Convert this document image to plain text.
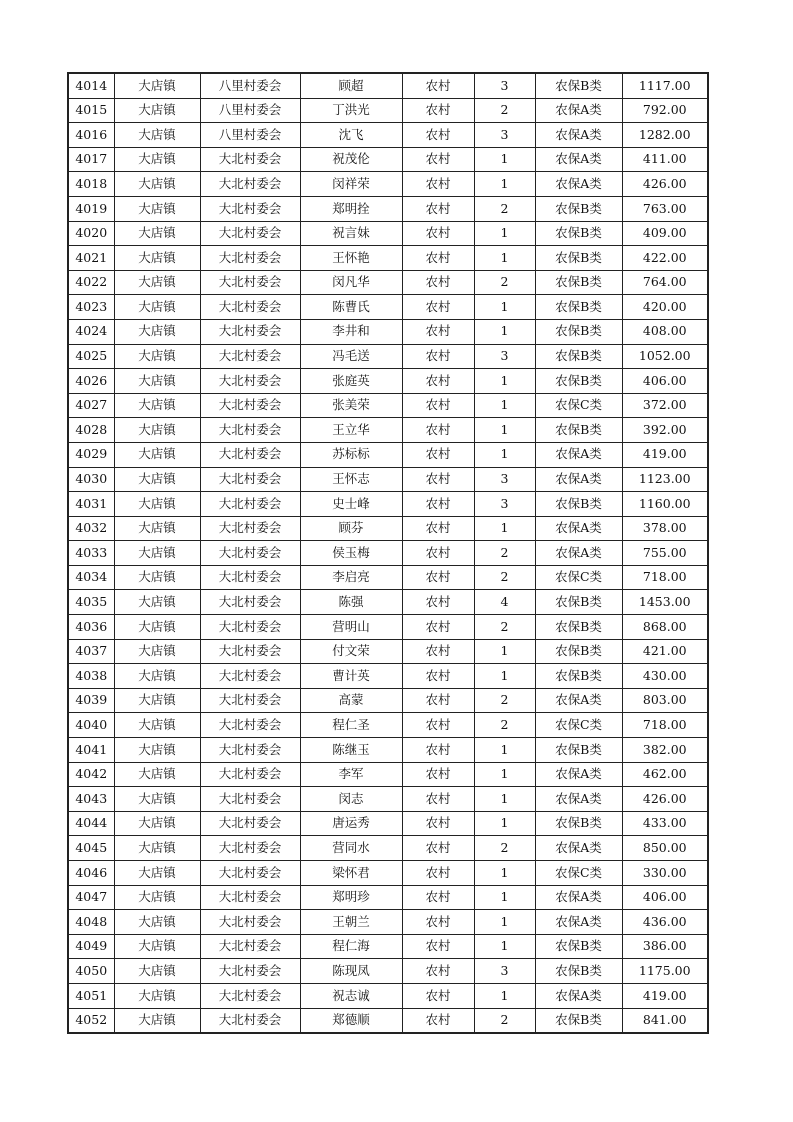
4014	大店镇	八里村委会	顾超	农村	3	农保B类	1117.00
4015	大店镇	八里村委会	丁洪光	农村	2	农保A类	792.00
4016	大店镇	八里村委会	沈飞	农村	3	农保A类	1282.00
4017	大店镇	大北村委会	祝茂伦	农村	1	农保A类	411.00
4018	大店镇	大北村委会	闵祥荣	农村	1	农保A类	426.00
4019	大店镇	大北村委会	郑明拴	农村	2	农保B类	763.00
4020	大店镇	大北村委会	祝言妹	农村	1	农保B类	409.00
4021	大店镇	大北村委会	王怀艳	农村	1	农保B类	422.00
4022	大店镇	大北村委会	闵凡华	农村	2	农保B类	764.00
4023	大店镇	大北村委会	陈曹氏	农村	1	农保B类	420.00
4024	大店镇	大北村委会	李井和	农村	1	农保B类	408.00
4025	大店镇	大北村委会	冯毛送	农村	3	农保B类	1052.00
4026	大店镇	大北村委会	张庭英	农村	1	农保B类	406.00
4027	大店镇	大北村委会	张美荣	农村	1	农保C类	372.00
4028	大店镇	大北村委会	王立华	农村	1	农保B类	392.00
4029	大店镇	大北村委会	苏标标	农村	1	农保A类	419.00
4030	大店镇	大北村委会	王怀志	农村	3	农保A类	1123.00
4031	大店镇	大北村委会	史士峰	农村	3	农保B类	1160.00
4032	大店镇	大北村委会	顾芬	农村	1	农保A类	378.00
4033	大店镇	大北村委会	侯玉梅	农村	2	农保A类	755.00
4034	大店镇	大北村委会	李启亮	农村	2	农保C类	718.00
4035	大店镇	大北村委会	陈强	农村	4	农保B类	1453.00
4036	大店镇	大北村委会	营明山	农村	2	农保B类	868.00
4037	大店镇	大北村委会	付文荣	农村	1	农保B类	421.00
4038	大店镇	大北村委会	曹计英	农村	1	农保B类	430.00
4039	大店镇	大北村委会	高蒙	农村	2	农保A类	803.00
4040	大店镇	大北村委会	程仁圣	农村	2	农保C类	718.00
4041	大店镇	大北村委会	陈继玉	农村	1	农保B类	382.00
4042	大店镇	大北村委会	李军	农村	1	农保A类	462.00
4043	大店镇	大北村委会	闵志	农村	1	农保A类	426.00
4044	大店镇	大北村委会	唐运秀	农村	1	农保B类	433.00
4045	大店镇	大北村委会	营同水	农村	2	农保A类	850.00
4046	大店镇	大北村委会	梁怀君	农村	1	农保C类	330.00
4047	大店镇	大北村委会	郑明珍	农村	1	农保A类	406.00
4048	大店镇	大北村委会	王朝兰	农村	1	农保A类	436.00
4049	大店镇	大北村委会	程仁海	农村	1	农保B类	386.00
4050	大店镇	大北村委会	陈现凤	农村	3	农保B类	1175.00
4051	大店镇	大北村委会	祝志诚	农村	1	农保A类	419.00
4052	大店镇	大北村委会	郑德顺	农村	2	农保B类	841.00
